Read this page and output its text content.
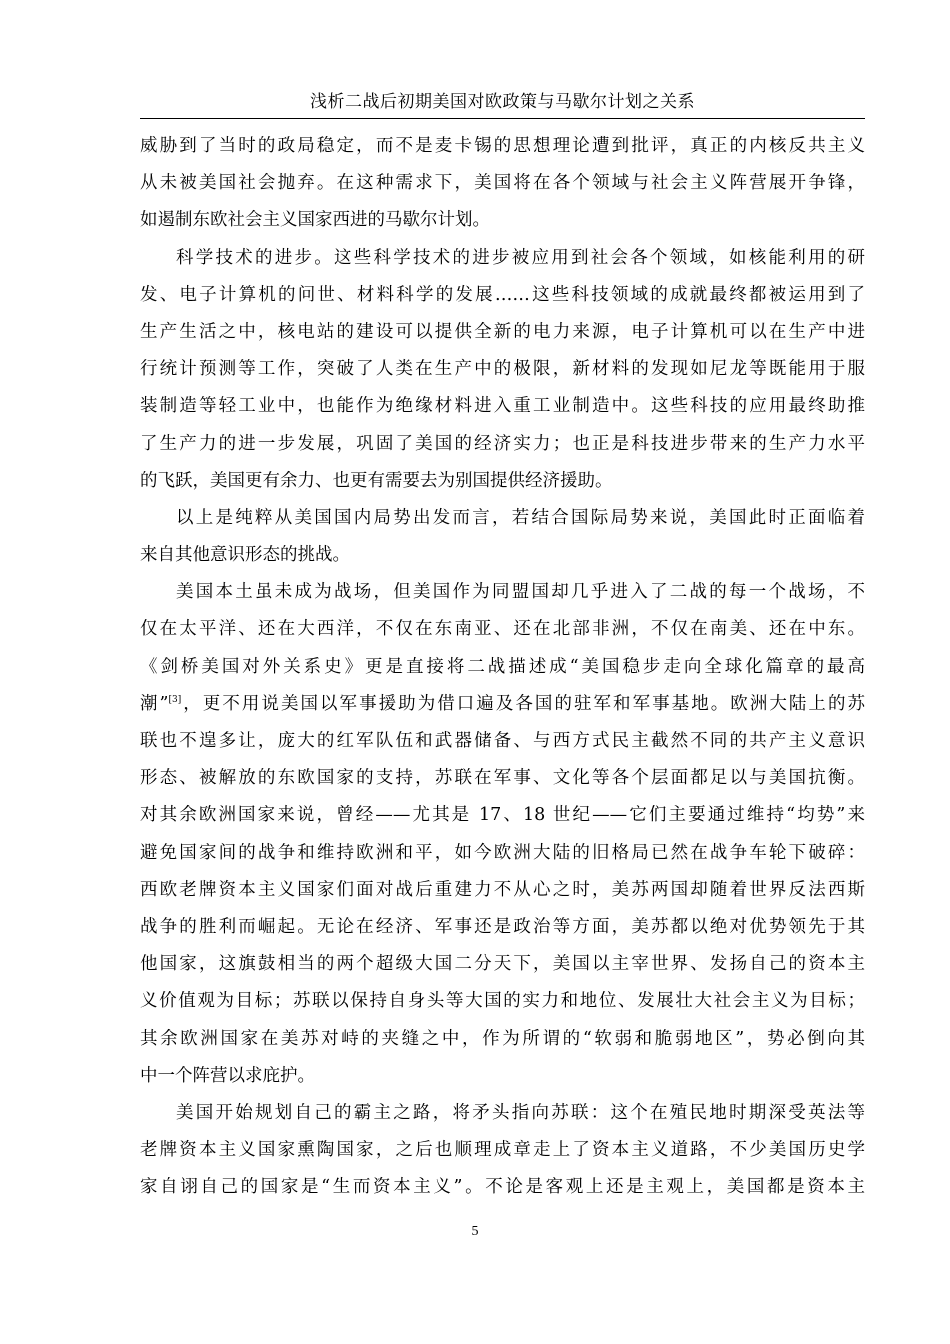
浅析二战后初期美国对欧政策与马歇尔计划之关系
威胁到了当时的政局稳定，而不是麦卡锡的思想理论遭到批评，真正的内核反共主义
从未被美国社会抛弃。在这种需求下，美国将在各个领域与社会主义阵营展开争锋，
如遏制东欧社会主义国家西进的马歇尔计划。
科学技术的进步。这些科学技术的进步被应用到社会各个领域，如核能利用的研
发、电子计算机的问世、材料科学的发展……这些科技领域的成就最终都被运用到了
生产生活之中，核电站的建设可以提供全新的电力来源，电子计算机可以在生产中进
行统计预测等工作，突破了人类在生产中的极限，新材料的发现如尼龙等既能用于服
装制造等轻工业中，也能作为绝缘材料进入重工业制造中。这些科技的应用最终助推
了生产力的进一步发展，巩固了美国的经济实力；也正是科技进步带来的生产力水平
的飞跃，美国更有余力、也更有需要去为别国提供经济援助。
以上是纯粹从美国国内局势出发而言，若结合国际局势来说，美国此时正面临着
来自其他意识形态的挑战。
美国本土虽未成为战场，但美国作为同盟国却几乎进入了二战的每一个战场，不
仅在太平洋、还在大西洋，不仅在东南亚、还在北部非洲，不仅在南美、还在中东。
《剑桥美国对外关系史》更是直接将二战描述成“美国稳步走向全球化篇章的最高
潮”[3]，更不用说美国以军事援助为借口遍及各国的驻军和军事基地。欧洲大陆上的苏
联也不遑多让，庞大的红军队伍和武器储备、与西方式民主截然不同的共产主义意识
形态、被解放的东欧国家的支持，苏联在军事、文化等各个层面都足以与美国抗衡。
对其余欧洲国家来说，曾经——尤其是 17、18 世纪——它们主要通过维持“均势”来
避免国家间的战争和维持欧洲和平，如今欧洲大陆的旧格局已然在战争车轮下破碎：
西欧老牌资本主义国家们面对战后重建力不从心之时，美苏两国却随着世界反法西斯
战争的胜利而崛起。无论在经济、军事还是政治等方面，美苏都以绝对优势领先于其
他国家，这旗鼓相当的两个超级大国二分天下，美国以主宰世界、发扬自己的资本主
义价值观为目标；苏联以保持自身头等大国的实力和地位、发展壮大社会主义为目标；
其余欧洲国家在美苏对峙的夹缝之中，作为所谓的“软弱和脆弱地区”，势必倒向其
中一个阵营以求庇护。
美国开始规划自己的霸主之路，将矛头指向苏联：这个在殖民地时期深受英法等
老牌资本主义国家熏陶国家，之后也顺理成章走上了资本主义道路，不少美国历史学
家自诩自己的国家是“生而资本主义”。不论是客观上还是主观上，美国都是资本主
5
